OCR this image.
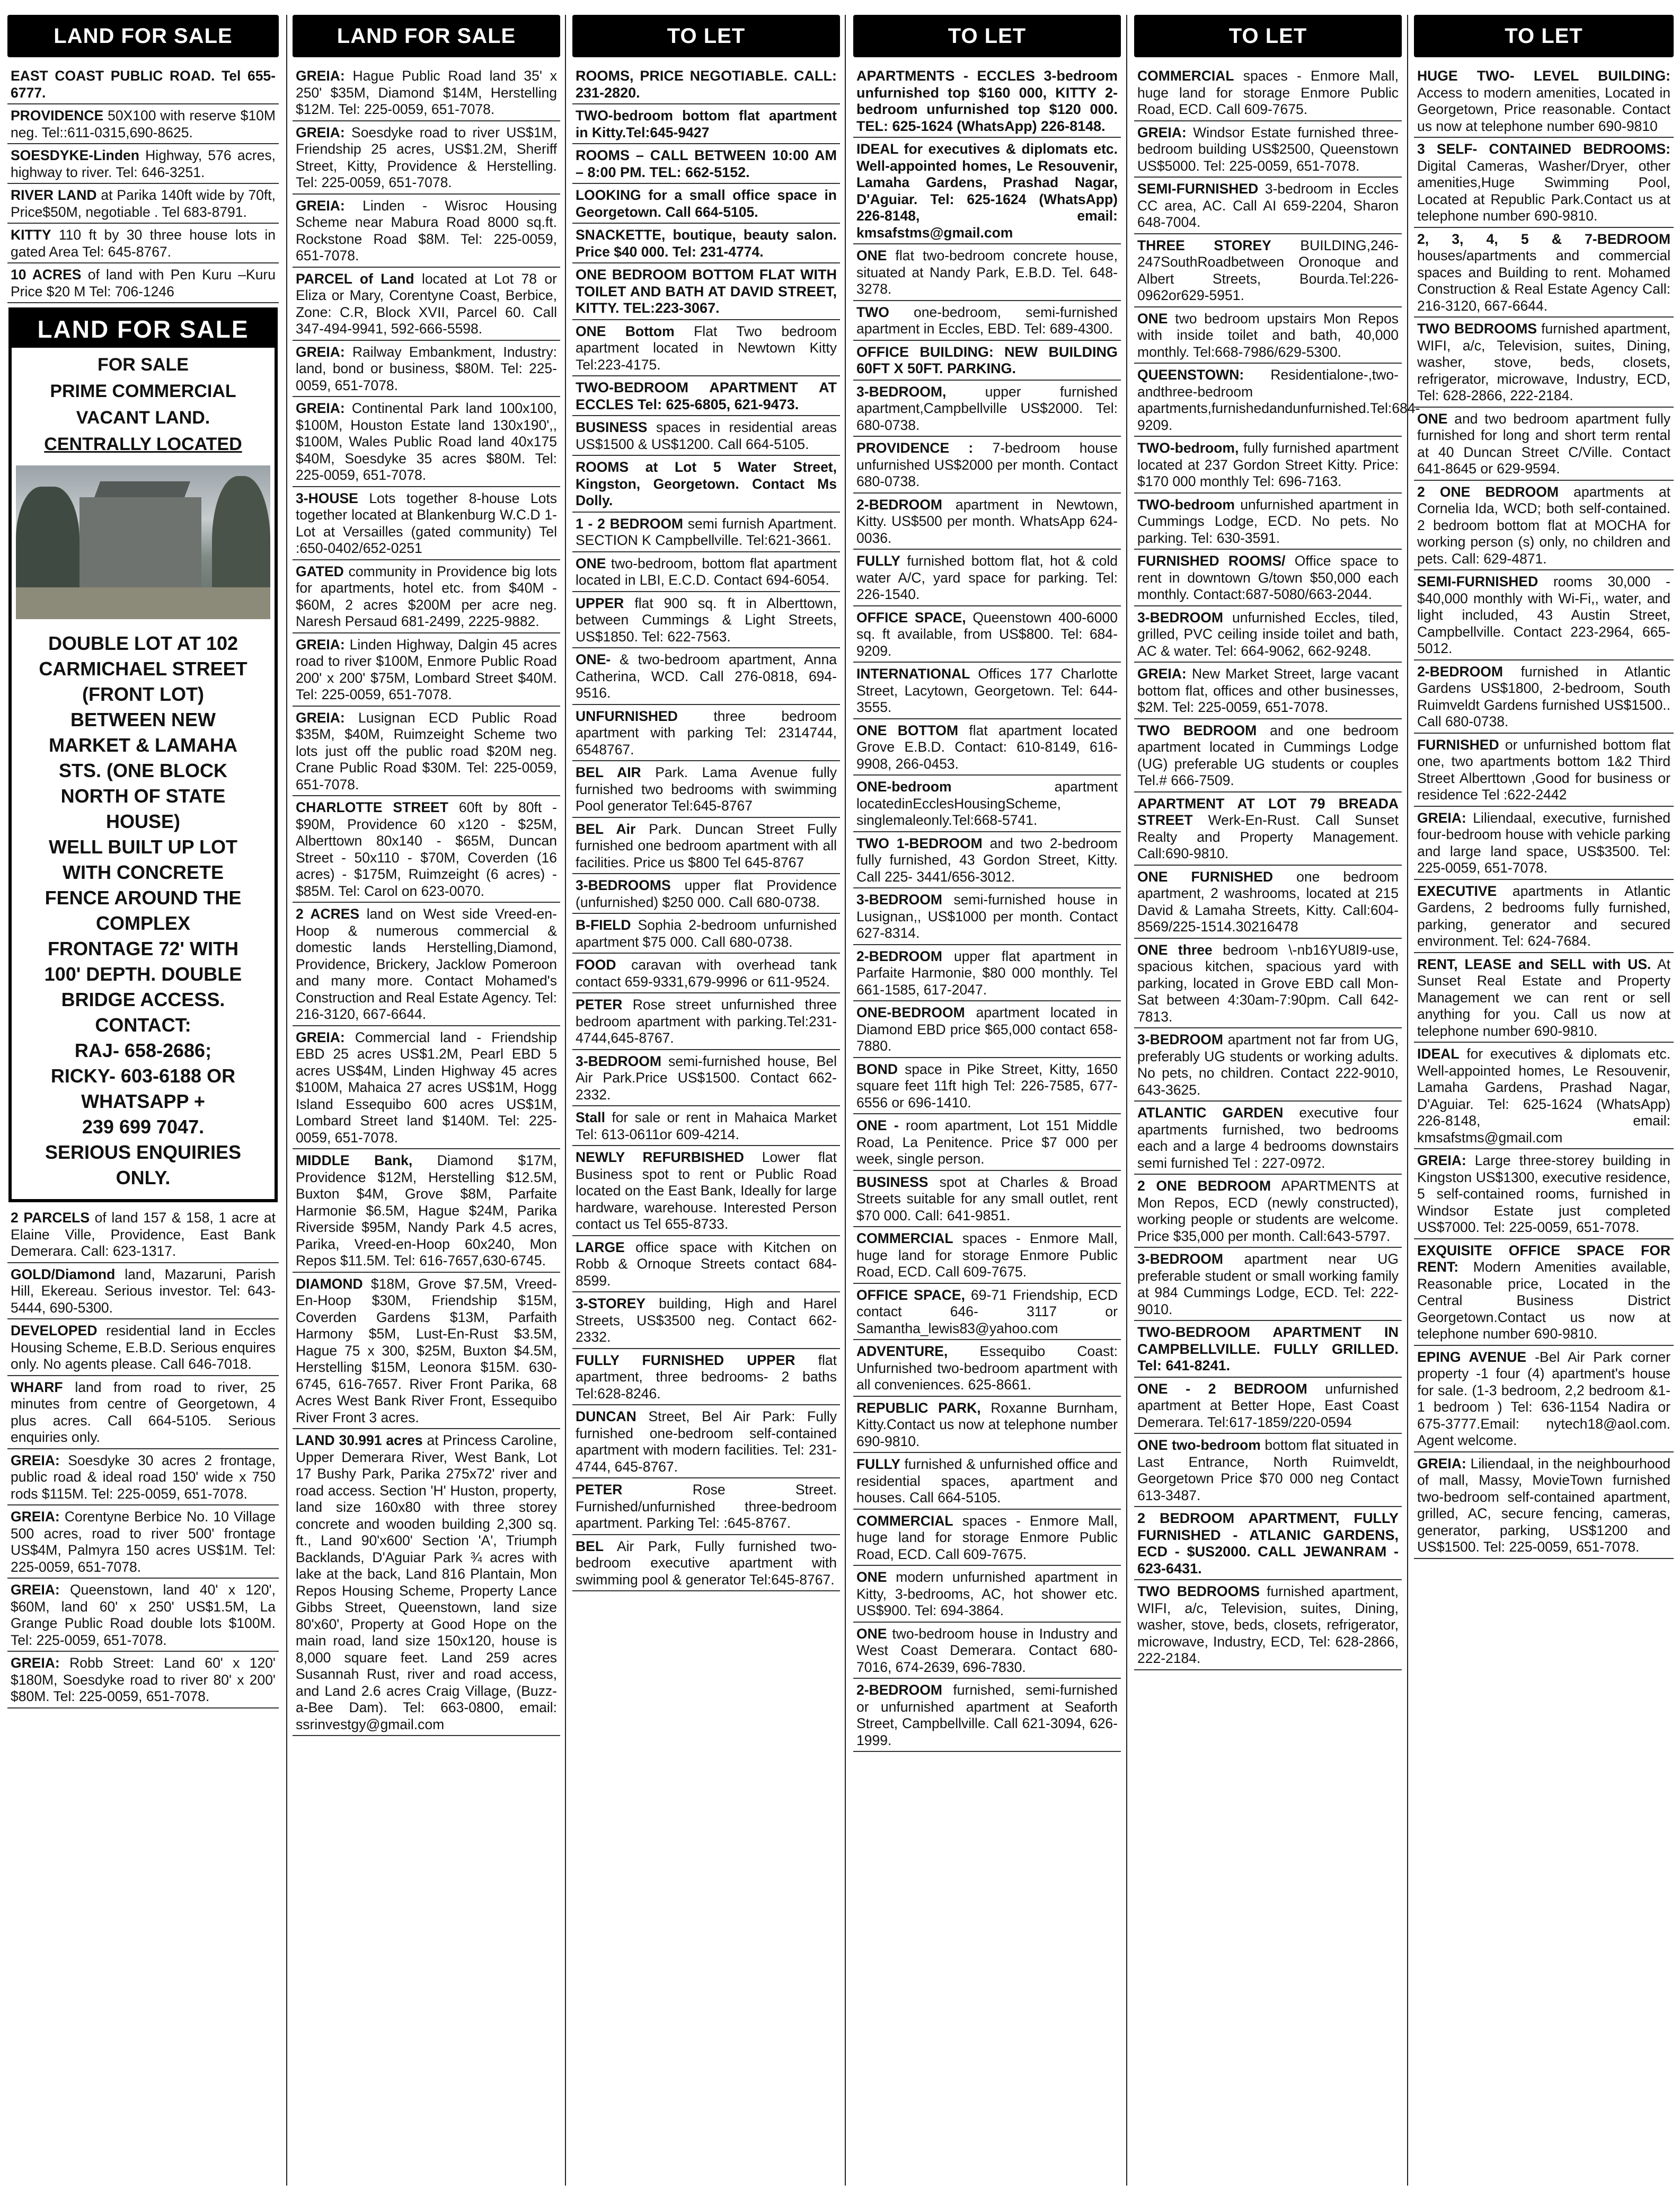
LAND FOR SALE
EAST COAST PUBLIC ROAD. Tel 655-6777.
PROVIDENCE 50X100 with reserve $10M neg. Tel::611-0315,690-8625.
SOESDYKE-Linden Highway, 576 acres, highway to river. Tel: 646-3251.
RIVER LAND at Parika 140ft wide by 70ft, Price$50M, negotiable . Tel 683-8791.
KITTY 110 ft by 30 three house lots in gated Area Tel: 645-8767.
10 ACRES of land with Pen Kuru –Kuru Price $20 M Tel: 706-1246
LAND FOR SALE
FOR SALE
PRIME COMMERCIAL
VACANT LAND.
CENTRALLY LOCATED
DOUBLE LOT AT 102
CARMICHAEL STREET
(FRONT LOT)
BETWEEN NEW
MARKET & LAMAHA
STS. (ONE BLOCK
NORTH OF STATE
HOUSE)
WELL BUILT UP LOT
WITH CONCRETE
FENCE AROUND THE
COMPLEX
FRONTAGE 72' WITH
100' DEPTH. DOUBLE
BRIDGE ACCESS.
CONTACT:
RAJ- 658-2686;
RICKY- 603-6188 OR
WHATSAPP +
239 699 7047.
SERIOUS ENQUIRIES
ONLY.
2 PARCELS of land 157 & 158, 1 acre at Elaine Ville, Providence, East Bank Demerara. Call: 623-1317.
GOLD/Diamond land, Mazaruni, Parish Hill, Ekereau. Serious investor. Tel: 643-5444, 690-5300.
DEVELOPED residential land in Eccles Housing Scheme, E.B.D. Serious enquires only. No agents please. Call 646-7018.
WHARF land from road to river, 25 minutes from centre of Georgetown, 4 plus acres. Call 664-5105. Serious enquiries only.
GREIA: Soesdyke 30 acres 2 frontage, public road & ideal road 150' wide x 750 rods $115M. Tel: 225-0059, 651-7078.
GREIA: Corentyne Berbice No. 10 Village 500 acres, road to river 500' frontage US$4M, Palmyra 150 acres US$1M. Tel: 225-0059, 651-7078.
GREIA: Queenstown, land 40' x 120', $60M, land 60' x 250' US$1.5M, La Grange Public Road double lots $100M. Tel: 225-0059, 651-7078.
GREIA: Robb Street: Land 60' x 120' $180M, Soesdyke road to river 80' x 200' $80M. Tel: 225-0059, 651-7078.
LAND FOR SALE
GREIA: Hague Public Road land 35' x 250' $35M, Diamond $14M, Herstelling $12M. Tel: 225-0059, 651-7078.
GREIA: Soesdyke road to river US$1M, Friendship 25 acres, US$1.2M, Sheriff Street, Kitty, Providence & Herstelling. Tel: 225-0059, 651-7078.
GREIA: Linden - Wisroc Housing Scheme near Mabura Road 8000 sq.ft. Rockstone Road $8M. Tel: 225-0059, 651-7078.
PARCEL of Land located at Lot 78 or Eliza or Mary, Corentyne Coast, Berbice, Zone: C.R, Block XVII, Parcel 60. Call 347-494-9941, 592-666-5598.
GREIA: Railway Embankment, Industry: land, bond or business, $80M. Tel: 225-0059, 651-7078.
GREIA: Continental Park land 100x100, $100M, Houston Estate land 130x190',, $100M, Wales Public Road land 40x175 $40M, Soesdyke 35 acres $80M. Tel: 225-0059, 651-7078.
3-HOUSE Lots together 8-house Lots together located at Blankenburg W.C.D 1-Lot at Versailles (gated community) Tel :650-0402/652-0251
GATED community in Providence big lots for apartments, hotel etc. from $40M - $60M, 2 acres $200M per acre neg. Naresh Persaud 681-2499, 2225-9882.
GREIA: Linden Highway, Dalgin 45 acres road to river $100M, Enmore Public Road 200' x 200' $75M, Lombard Street $40M. Tel: 225-0059, 651-7078.
GREIA: Lusignan ECD Public Road $35M, $40M, Ruimzeight Scheme two lots just off the public road $20M neg. Crane Public Road $30M. Tel: 225-0059, 651-7078.
CHARLOTTE STREET 60ft by 80ft - $90M, Providence 60 x120 - $25M, Alberttown 80x140 - $65M, Duncan Street - 50x110 - $70M, Coverden (16 acres) - $175M, Ruimzeight (6 acres) - $85M. Tel: Carol on 623-0070.
2 ACRES land on West side Vreed-en-Hoop & numerous commercial & domestic lands Herstelling,Diamond, Providence, Brickery, Jacklow Pomeroon and many more. Contact Mohamed's Construction and Real Estate Agency. Tel: 216-3120, 667-6644.
GREIA: Commercial land - Friendship EBD 25 acres US$1.2M, Pearl EBD 5 acres US$4M, Linden Highway 45 acres $100M, Mahaica 27 acres US$1M, Hogg Island Essequibo 600 acres US$1M, Lombard Street land $140M. Tel: 225-0059, 651-7078.
MIDDLE Bank, Diamond $17M, Providence $12M, Herstelling $12.5M, Buxton $4M, Grove $8M, Parfaite Harmonie $6.5M, Hague $24M, Parika Riverside $95M, Nandy Park 4.5 acres, Parika, Vreed-en-Hoop 60x240, Mon Repos $11.5M. Tel: 616-7657,630-6745.
DIAMOND $18M, Grove $7.5M, Vreed-En-Hoop $30M, Friendship $15M, Coverden Gardens $13M, Parfaith Harmony $5M, Lust-En-Rust $3.5M, Hague 75 x 300, $25M, Buxton $4.5M, Herstelling $15M, Leonora $15M. 630-6745, 616-7657. River Front Parika, 68 Acres West Bank River Front, Essequibo River Front 3 acres.
LAND 30.991 acres at Princess Caroline, Upper Demerara River, West Bank, Lot 17 Bushy Park, Parika 275x72' river and road access. Section 'H' Huston, property, land size 160x80 with three storey concrete and wooden building 2,300 sq. ft., Land 90'x600' Section 'A', Triumph Backlands, D'Aguiar Park ¾ acres with lake at the back, Land 816 Plantain, Mon Repos Housing Scheme, Property Lance Gibbs Street, Queenstown, land size 80'x60', Property at Good Hope on the main road, land size 150x120, house is 8,000 square feet. Land 259 acres Susannah Rust, river and road access, and Land 2.6 acres Craig Village, (Buzz-a-Bee Dam). Tel: 663-0800, email: ssrinvestgy@gmail.com
TO LET
ROOMS, PRICE NEGOTIABLE. CALL: 231-2820.
TWO-bedroom bottom flat apartment in Kitty.Tel:645-9427
ROOMS – CALL BETWEEN 10:00 AM – 8:00 PM. TEL: 662-5152.
LOOKING for a small office space in Georgetown. Call 664-5105.
SNACKETTE, boutique, beauty salon. Price $40 000. Tel: 231-4774.
ONE BEDROOM BOTTOM FLAT WITH TOILET AND BATH AT DAVID STREET, KITTY. TEL:223-3067.
ONE Bottom Flat Two bedroom apartment located in Newtown Kitty Tel:223-4175.
TWO-BEDROOM APARTMENT AT ECCLES Tel: 625-6805, 621-9473.
BUSINESS spaces in residential areas US$1500 & US$1200. Call 664-5105.
ROOMS at Lot 5 Water Street, Kingston, Georgetown. Contact Ms Dolly.
1 - 2 BEDROOM semi furnish Apartment. SECTION K Campbellville. Tel:621-3661.
ONE two-bedroom, bottom flat apartment located in LBI, E.C.D. Contact 694-6054.
UPPER flat 900 sq. ft in Alberttown, between Cummings & Light Streets, US$1850. Tel: 622-7563.
ONE- & two-bedroom apartment, Anna Catherina, WCD. Call 276-0818, 694-9516.
UNFURNISHED	three bedroom apartment with parking Tel: 2314744, 6548767.
BEL AIR Park. Lama Avenue fully furnished two bedrooms with swimming Pool generator Tel:645-8767
BEL Air Park. Duncan Street Fully furnished one bedroom apartment with all facilities. Price us $800 Tel 645-8767
3-BEDROOMS upper flat Providence (unfurnished) $250 000. Call 680-0738.
B-FIELD Sophia 2-bedroom unfurnished apartment $75 000. Call 680-0738.
FOOD caravan with overhead tank contact 659-9331,679-9996 or 611-9524.
PETER Rose street unfurnished three bedroom apartment with parking.Tel:231-4744,645-8767.
3-BEDROOM semi-furnished house, Bel Air Park.Price US$1500. Contact 662-2332.
Stall for sale or rent in Mahaica Market Tel: 613-0611or 609-4214.
NEWLY REFURBISHED Lower flat Business spot to rent or Public Road located on the East Bank, Ideally for large hardware, warehouse. Interested Person contact us Tel 655-8733.
LARGE office space with Kitchen on Robb & Ornoque Streets contact 684-8599.
3-STOREY building, High and Harel Streets, US$3500 neg. Contact 662-2332.
FULLY FURNISHED UPPER flat apartment, three bedrooms- 2 baths Tel:628-8246.
DUNCAN Street, Bel Air Park: Fully furnished one-bedroom self-contained apartment with modern facilities. Tel: 231-4744, 645-8767.
PETER	Rose Street. Furnished/unfurnished three-bedroom apartment. Parking Tel: :645-8767.
BEL Air Park, Fully furnished two-bedroom executive apartment with swimming pool & generator Tel:645-8767.
TO LET
APARTMENTS - ECCLES 3-bedroom unfurnished top $160 000, KITTY 2-bedroom unfurnished top $120 000. TEL: 625-1624 (WhatsApp) 226-8148.
IDEAL for executives & diplomats etc. Well-appointed homes, Le Resouvenir, Lamaha Gardens, Prashad Nagar, D'Aguiar. Tel: 625-1624 (WhatsApp) 226-8148, email: kmsafstms@gmail.com
ONE flat two-bedroom concrete house, situated at Nandy Park, E.B.D. Tel. 648-3278.
TWO one-bedroom, semi-furnished apartment in Eccles, EBD. Tel: 689-4300.
OFFICE BUILDING: NEW BUILDING 60FT X 50FT. PARKING.
3-BEDROOM,	upper furnished apartment,Campbellville US$2000. Tel: 680-0738.
PROVIDENCE : 7-bedroom house unfurnished US$2000 per month. Contact 680-0738.
2-BEDROOM apartment in Newtown, Kitty. US$500 per month. WhatsApp 624-0036.
FULLY furnished bottom flat, hot & cold water A/C, yard space for parking. Tel: 226-1540.
OFFICE SPACE, Queenstown 400-6000 sq. ft available, from US$800. Tel: 684-9209.
INTERNATIONAL Offices 177 Charlotte Street, Lacytown, Georgetown. Tel: 644-3555.
ONE BOTTOM flat apartment located Grove E.B.D. Contact: 610-8149, 616-9908, 266-0453.
ONE-bedroom	apartment locatedinEcclesHousingScheme, singlemaleonly.Tel:668-5741.
TWO 1-BEDROOM and two 2-bedroom fully furnished, 43 Gordon Street, Kitty. Call 225- 3441/656-3012.
3-BEDROOM semi-furnished house in Lusignan,, US$1000 per month. Contact 627-8314.
2-BEDROOM upper flat apartment in Parfaite Harmonie, $80 000 monthly. Tel 661-1585, 617-2047.
ONE-BEDROOM apartment located in Diamond EBD price $65,000 contact 658-7880.
BOND space in Pike Street, Kitty, 1650 square feet 11ft high Tel: 226-7585, 677-6556 or 696-1410.
ONE - room apartment, Lot 151 Middle Road, La Penitence. Price $7 000 per week, single person.
BUSINESS spot at Charles & Broad Streets suitable for any small outlet, rent $70 000. Call: 641-9851.
COMMERCIAL spaces - Enmore Mall, huge land for storage Enmore Public Road, ECD. Call 609-7675.
OFFICE SPACE, 69-71 Friendship, ECD contact 646- 3117 or Samantha_lewis83@yahoo.com
ADVENTURE, Essequibo Coast: Unfurnished two-bedroom apartment with all conveniences. 625-8661.
REPUBLIC PARK, Roxanne Burnham, Kitty.Contact us now at telephone number 690-9810.
FULLY furnished & unfurnished office and residential spaces, apartment and houses. Call 664-5105.
COMMERCIAL spaces - Enmore Mall, huge land for storage Enmore Public Road, ECD. Call 609-7675.
ONE modern unfurnished apartment in Kitty, 3-bedrooms, AC, hot shower etc. US$900. Tel: 694-3864.
ONE two-bedroom house in Industry and West Coast Demerara. Contact 680-7016, 674-2639, 696-7830.
2-BEDROOM furnished, semi-furnished or unfurnished apartment at Seaforth Street, Campbellville. Call 621-3094, 626-1999.
TO LET
COMMERCIAL spaces - Enmore Mall, huge land for storage Enmore Public Road, ECD. Call 609-7675.
GREIA: Windsor Estate furnished three-bedroom building US$2500, Queenstown US$5000. Tel: 225-0059, 651-7078.
SEMI-FURNISHED 3-bedroom in Eccles CC area, AC. Call AI 659-2204, Sharon 648-7004.
THREE STOREY BUILDING,246-247SouthRoadbetween Oronoque and Albert Streets, Bourda.Tel:226-0962or629-5951.
ONE two bedroom upstairs Mon Repos with inside toilet and bath, 40,000 monthly. Tel:668-7986/629-5300.
QUEENSTOWN: Residentialone-,two-andthree-bedroom apartments,furnishedandunfurnished.Tel:684-9209.
TWO-bedroom, fully furnished apartment located at 237 Gordon Street Kitty. Price: $170 000 monthly Tel: 696-7163.
TWO-bedroom unfurnished apartment in Cummings Lodge, ECD. No pets. No parking. Tel: 630-3591.
FURNISHED ROOMS/ Office space to rent in downtown G/town $50,000 each monthly. Contact:687-5080/663-2044.
3-BEDROOM unfurnished Eccles, tiled, grilled, PVC ceiling inside toilet and bath, AC & water. Tel: 664-9062, 662-9248.
GREIA: New Market Street, large vacant bottom flat, offices and other businesses, $2M. Tel: 225-0059, 651-7078.
TWO BEDROOM and one bedroom apartment located in Cummings Lodge (UG) preferable UG students or couples Tel.# 666-7509.
APARTMENT AT LOT 79 BREADA STREET Werk-En-Rust. Call Sunset Realty and Property Management. Call:690-9810.
ONE FURNISHED one bedroom apartment, 2 washrooms, located at 215 David & Lamaha Streets, Kitty. Call:604-8569/225-1514.30216478
ONE three bedroom \-nb16YU8I9-use, spacious kitchen, spacious yard with parking, located in Grove EBD call Mon-Sat between 4:30am-7:90pm. Call 642-7813.
3-BEDROOM apartment not far from UG, preferably UG students or working adults. No pets, no children. Contact 222-9010, 643-3625.
ATLANTIC GARDEN executive four apartments furnished, two bedrooms each and a large 4 bedrooms downstairs semi furnished Tel : 227-0972.
2 ONE BEDROOM APARTMENTS at Mon Repos, ECD (newly constructed), working people or students are welcome. Price $35,000 per month. Call:643-5797.
3-BEDROOM apartment near UG preferable student or small working family at 984 Cummings Lodge, ECD. Tel: 222-9010.
TWO-BEDROOM APARTMENT IN CAMPBELLVILLE. FULLY GRILLED. Tel: 641-8241.
ONE - 2 BEDROOM unfurnished apartment at Better Hope, East Coast Demerara. Tel:617-1859/220-0594
ONE two-bedroom bottom flat situated in Last Entrance, North Ruimveldt, Georgetown Price $70 000 neg Contact 613-3487.
2 BEDROOM APARTMENT, FULLY FURNISHED - ATLANIC GARDENS, ECD - $US2000. CALL JEWANRAM - 623-6431.
TWO BEDROOMS furnished apartment, WIFI, a/c, Television, suites, Dining, washer, stove, beds, closets, refrigerator, microwave, Industry, ECD, Tel: 628-2866, 222-2184.
TO LET
HUGE TWO- LEVEL BUILDING: Access to modern amenities, Located in Georgetown, Price reasonable. Contact us now at telephone number 690-9810
3 SELF- CONTAINED BEDROOMS: Digital Cameras, Washer/Dryer, other amenities,Huge Swimming Pool, Located at Republic Park.Contact us at telephone number 690-9810.
2, 3, 4, 5 & 7-BEDROOM houses/apartments and commercial spaces and Building to rent. Mohamed Construction & Real Estate Agency Call: 216-3120, 667-6644.
TWO BEDROOMS furnished apartment, WIFI, a/c, Television, suites, Dining, washer, stove, beds, closets, refrigerator, microwave, Industry, ECD, Tel: 628-2866, 222-2184.
ONE and two bedroom apartment fully furnished for long and short term rental at 40 Duncan Street C/Ville. Contact 641-8645 or 629-9594.
2 ONE BEDROOM apartments at Cornelia Ida, WCD; both self-contained. 2 bedroom bottom flat at MOCHA for working person (s) only, no children and pets. Call: 629-4871.
SEMI-FURNISHED rooms 30,000 - $40,000 monthly with Wi-Fi,, water, and light included, 43 Austin Street, Campbellville. Contact 223-2964, 665-5012.
2-BEDROOM furnished in Atlantic Gardens US$1800, 2-bedroom, South Ruimveldt Gardens furnished US$1500.. Call 680-0738.
FURNISHED or unfurnished bottom flat one, two apartments bottom 1&2 Third Street Alberttown ,Good for business or residence Tel :622-2442
GREIA: Liliendaal, executive, furnished four-bedroom house with vehicle parking and large land space, US$3500. Tel: 225-0059, 651-7078.
EXECUTIVE apartments in Atlantic Gardens, 2 bedrooms fully furnished, parking, generator and secured environment. Tel: 624-7684.
RENT, LEASE and SELL with US. At Sunset Real Estate and Property Management we can rent or sell anything for you. Call us now at telephone number 690-9810.
IDEAL for executives & diplomats etc. Well-appointed homes, Le Resouvenir, Lamaha Gardens, Prashad Nagar, D'Aguiar. Tel: 625-1624 (WhatsApp) 226-8148, email: kmsafstms@gmail.com
GREIA: Large three-storey building in Kingston US$1300, executive residence, 5 self-contained rooms, furnished in Windsor Estate just completed US$7000. Tel: 225-0059, 651-7078.
EXQUISITE OFFICE SPACE FOR RENT: Modern Amenities available, Reasonable price, Located in the Central Business District Georgetown.Contact us now at telephone number 690-9810.
EPING AVENUE -Bel Air Park corner property -1 four (4) apartment's house for sale. (1-3 bedroom, 2,2 bedroom &1-1 bedroom ) Tel: 636-1154 Nadira or 675-3777.Email: nytech18@aol.com. Agent welcome.
GREIA: Liliendaal, in the neighbourhood of mall, Massy, MovieTown furnished two-bedroom self-contained apartment, grilled, AC, secure fencing, cameras, generator, parking, US$1200 and US$1500. Tel: 225-0059, 651-7078.
